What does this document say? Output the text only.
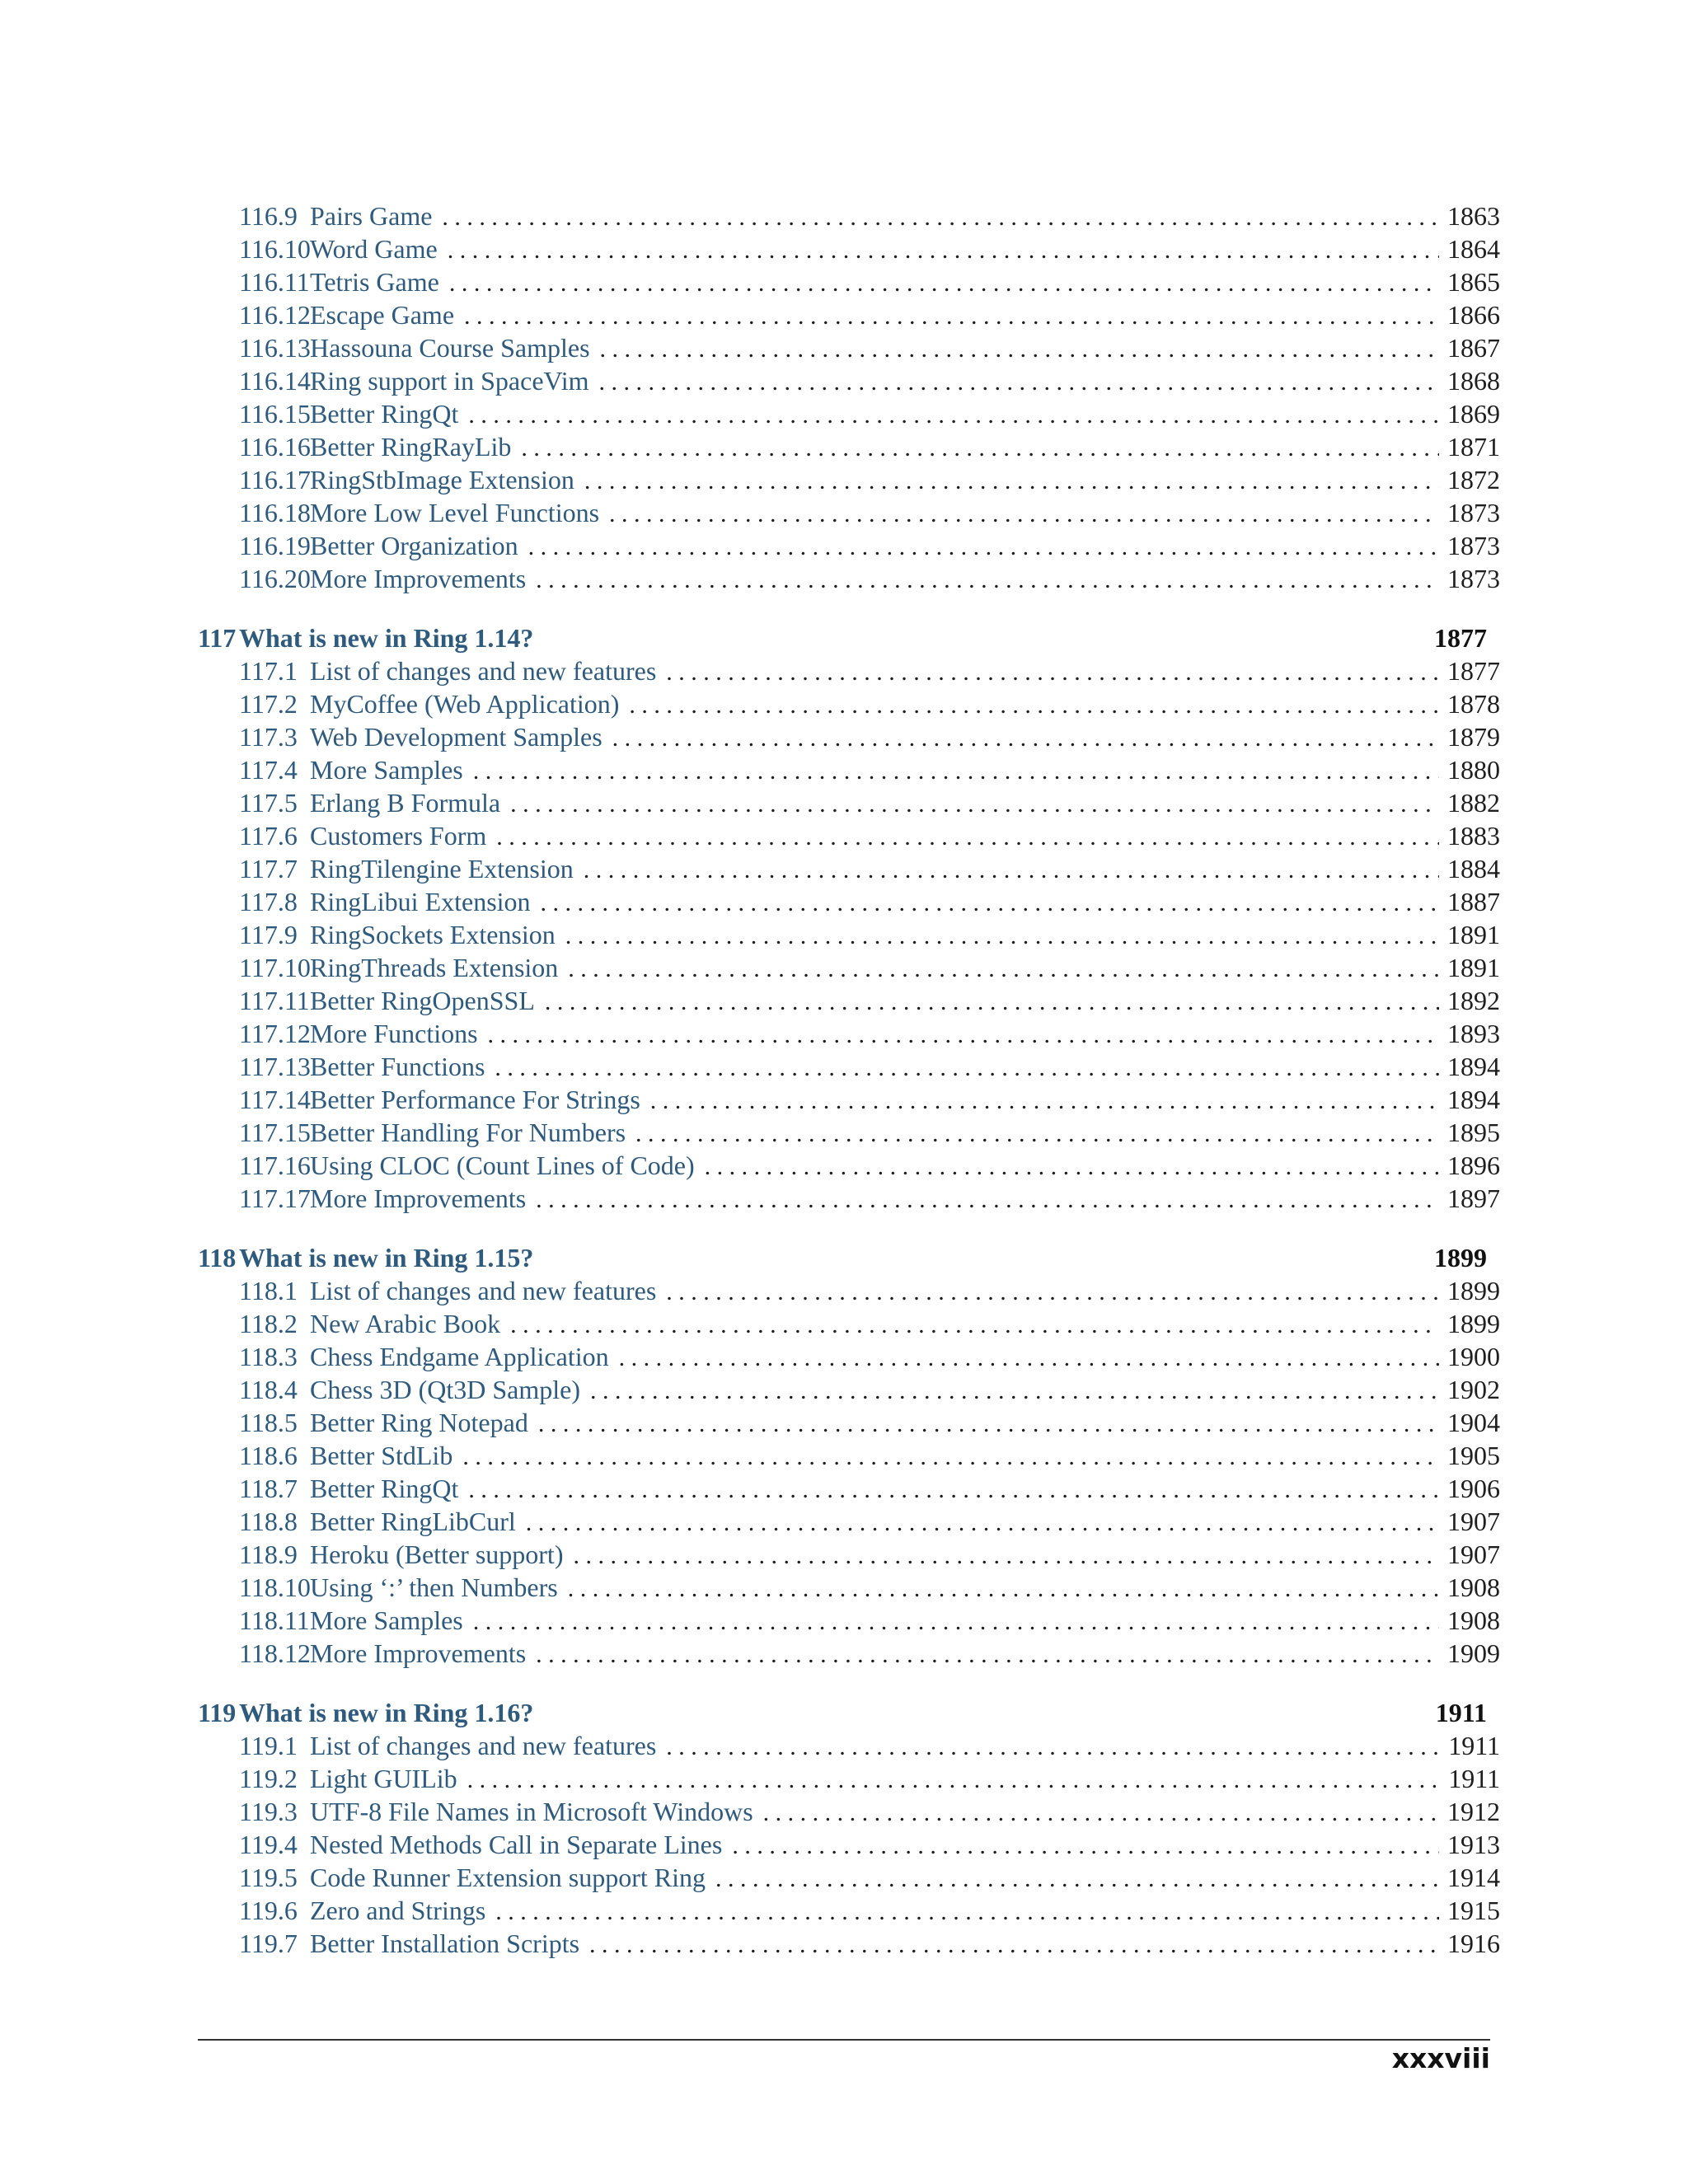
116.9 Pairs Game . . .	1863
116.10 Word Game . . .	1864
116.11 Tetris Game . . .	1865
116.12 Escape Game . . .	1866
116.13 Hassouna Course Samples . . .	1867
116.14 Ring support in SpaceVim . . .	1868
116.15 Better RingQt . . .	1869
116.16 Better RingRayLib . . .	1871
116.17 RingStbImage Extension . . .	1872
116.18 More Low Level Functions . . .	1873
116.19 Better Organization . . .	1873
116.20 More Improvements . . .	1873
117 What is new in Ring 1.14?	1877
117.1 List of changes and new features . . .	1877
117.2 MyCoffee (Web Application) . . .	1878
117.3 Web Development Samples . . .	1879
117.4 More Samples . . .	1880
117.5 Erlang B Formula . . .	1882
117.6 Customers Form . . .	1883
117.7 RingTilengine Extension . . .	1884
117.8 RingLibui Extension . . .	1887
117.9 RingSockets Extension . . .	1891
117.10 RingThreads Extension . . .	1891
117.11 Better RingOpenSSL . . .	1892
117.12 More Functions . . .	1893
117.13 Better Functions . . .	1894
117.14 Better Performance For Strings . . .	1894
117.15 Better Handling For Numbers . . .	1895
117.16 Using CLOC (Count Lines of Code) . . .	1896
117.17 More Improvements . . .	1897
118 What is new in Ring 1.15?	1899
118.1 List of changes and new features . . .	1899
118.2 New Arabic Book . . .	1899
118.3 Chess Endgame Application . . .	1900
118.4 Chess 3D (Qt3D Sample) . . .	1902
118.5 Better Ring Notepad . . .	1904
118.6 Better StdLib . . .	1905
118.7 Better RingQt . . .	1906
118.8 Better RingLibCurl . . .	1907
118.9 Heroku (Better support) . . .	1907
118.10 Using ‘:’ then Numbers . . .	1908
118.11 More Samples . . .	1908
118.12 More Improvements . . .	1909
119 What is new in Ring 1.16?	1911
119.1 List of changes and new features . . .	1911
119.2 Light GUILib . . .	1911
119.3 UTF-8 File Names in Microsoft Windows . . .	1912
119.4 Nested Methods Call in Separate Lines . . .	1913
119.5 Code Runner Extension support Ring . . .	1914
119.6 Zero and Strings . . .	1915
119.7 Better Installation Scripts . . .	1916
xxxviii
